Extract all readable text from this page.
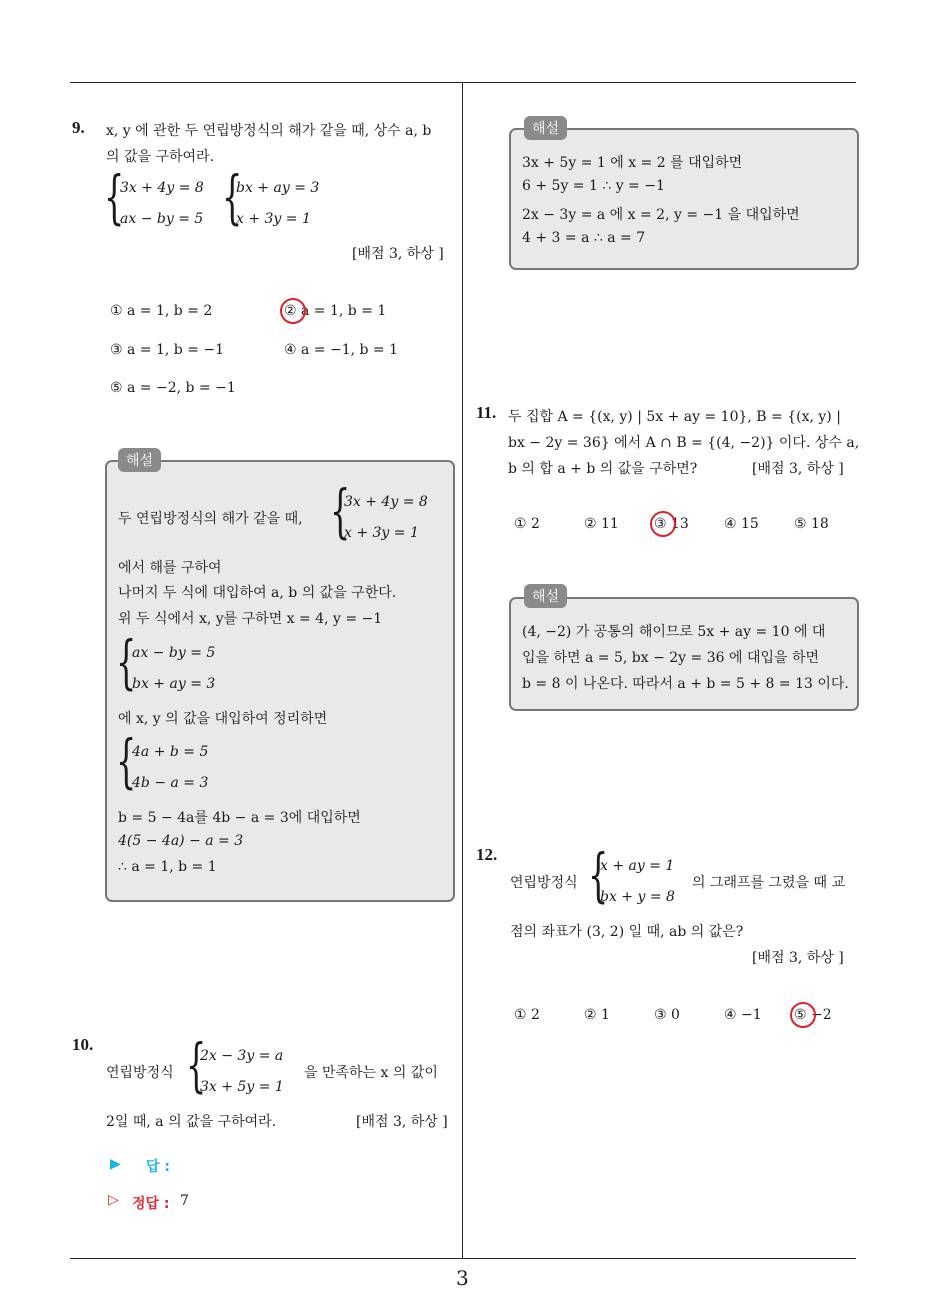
3
9. x, y 에 관한 두 연립방정식의 해가 같을 때, 상수 a, b
의 값을 구하여라.
{
3x + 4y = 8
ax − by = 5 {
bx + ay = 3
x + 3y = 1
[배점 3, 하상 ]
① a = 1, b = 2	② a = 1, b = 1
③ a = 1, b = −1	④ a = −1, b = 1
⑤ a = −2, b = −1
해설
두 연립방정식의 해가 같을 때, {
3x + 4y = 8
x + 3y = 1
에서 해를 구하여
나머지 두 식에 대입하여 a, b 의 값을 구한다.
위 두 식에서 x, y를 구하면 x = 4, y = −1
{
ax − by = 5
bx + ay = 3
에 x, y 의 값을 대입하여 정리하면
{
4a + b = 5
4b − a = 3
b = 5 − 4a를 4b − a = 3에 대입하면
4(5 − 4a) − a = 3
∴ a = 1, b = 1
10.
연립방정식 {
2x − 3y = a
3x + 5y = 1
을 만족하는 x 의 값이
2일 때, a 의 값을 구하여라.	[배점 3, 하상 ]
▶ 답 :
▷ 정답 : 7
해설
3x + 5y = 1 에 x = 2 를 대입하면
6 + 5y = 1 ∴ y = −1
2x − 3y = a 에 x = 2, y = −1 을 대입하면
4 + 3 = a ∴ a = 7
11. 두 집합 A = {(x, y) | 5x + ay = 10}, B = {(x, y) |
bx − 2y = 36} 에서 A ∩ B = {(4, −2)} 이다. 상수 a,
b 의 합 a + b 의 값을 구하면?	[배점 3, 하상 ]
① 2	② 11	③ 13	④ 15	⑤ 18
해설
(4, −2) 가 공통의 해이므로 5x + ay = 10 에 대
입을 하면 a = 5, bx − 2y = 36 에 대입을 하면
b = 8 이 나온다. 따라서 a + b = 5 + 8 = 13 이다.
12.
연립방정식 {
x + ay = 1
bx + y = 8
의 그래프를 그렸을 때 교
점의 좌표가 (3, 2) 일 때, ab 의 값은?
[배점 3, 하상 ]
① 2	② 1	③ 0	④ −1 ⑤ −2
